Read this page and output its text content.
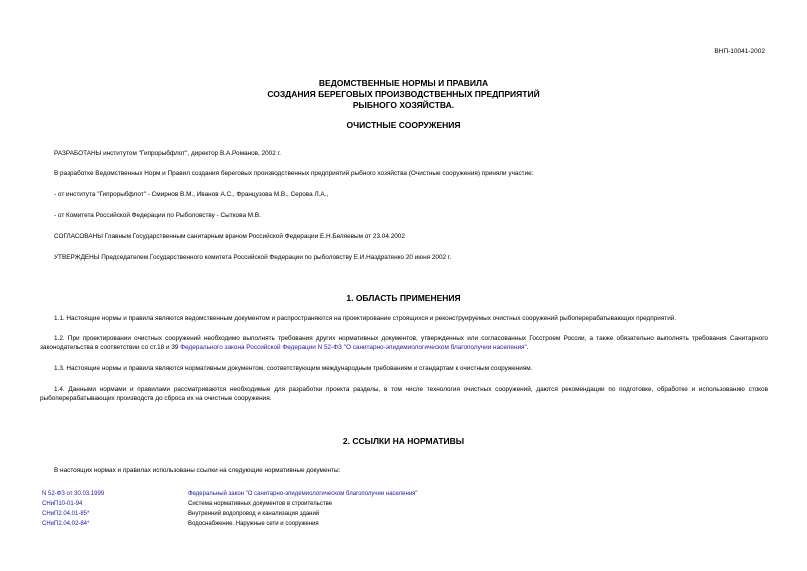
ВНП-10041-2002
ВЕДОМСТВЕННЫЕ НОРМЫ И ПРАВИЛА
СОЗДАНИЯ БЕРЕГОВЫХ ПРОИЗВОДСТВЕННЫХ ПРЕДПРИЯТИЙ
РЫБНОГО ХОЗЯЙСТВА.
ОЧИСТНЫЕ СООРУЖЕНИЯ
РАЗРАБОТАНЫ институтом "Гипрорыбфлот", директор В.А.Романов, 2002 г.
В разработке Ведомственных Норм и Правил создания береговых производственных предприятий рыбного хозяйства (Очистные сооружения) приняли участие:
- от института "Гипрорыбфлот" - Смирнов В.М., Иванов А.С., Французова М.В., Серова Л.А.,
- от Комитета Российской Федерации по Рыболовству - Сыткова М.В.
СОГЛАСОВАНЫ Главным Государственным санитарным врачом Российской Федерации Е.Н.Беляевым от 23.04.2002
УТВЕРЖДЕНЫ Председателем Государственного комитета Российской Федерации по рыболовству Е.И.Наздратенко 20 июня 2002 г.
1. ОБЛАСТЬ ПРИМЕНЕНИЯ
1.1. Настоящие нормы и правила являются ведомственным документом и распространяются на проектирование строящихся и реконструируемых очистных сооружений рыбоперерабатывающих предприятий.
1.2. При проектировании очистных сооружений необходимо выполнять требования других нормативных документов, утвержденных или согласованных Госстроем России, а также обязательно выполнять требования Санитарного законодательства в соответствии со ст.18 и 39 Федерального закона Российской Федерации N 52-ФЗ "О санитарно-эпидемиологическом благополучии населения".
1.3. Настоящие нормы и правила являются нормативным документом, соответствующим международным требованиям и стандартам к очистным сооружениям.
1.4. Данными нормами и правилами рассматриваются необходимые для разработки проекта разделы, в том числе технология очистных сооружений, даются рекомендации по подготовке, обработке и использованию стоков рыбоперерабатывающих производств до сброса их на очистные сооружения.
2. ССЫЛКИ НА НОРМАТИВЫ
В настоящих нормах и правилах использованы ссылки на следующие нормативные документы:
N 52-ФЗ от 30.03.1999	Федеральный закон "О санитарно-эпидемиологическом благополучии населения"
СНиП10-01-94	Система нормативных документов в строительстве
СНиП2.04.01-85*	Внутренний водопровод и канализация зданий
СНиП2.04.02-84*	Водоснабжение. Наружные сети и сооружения
